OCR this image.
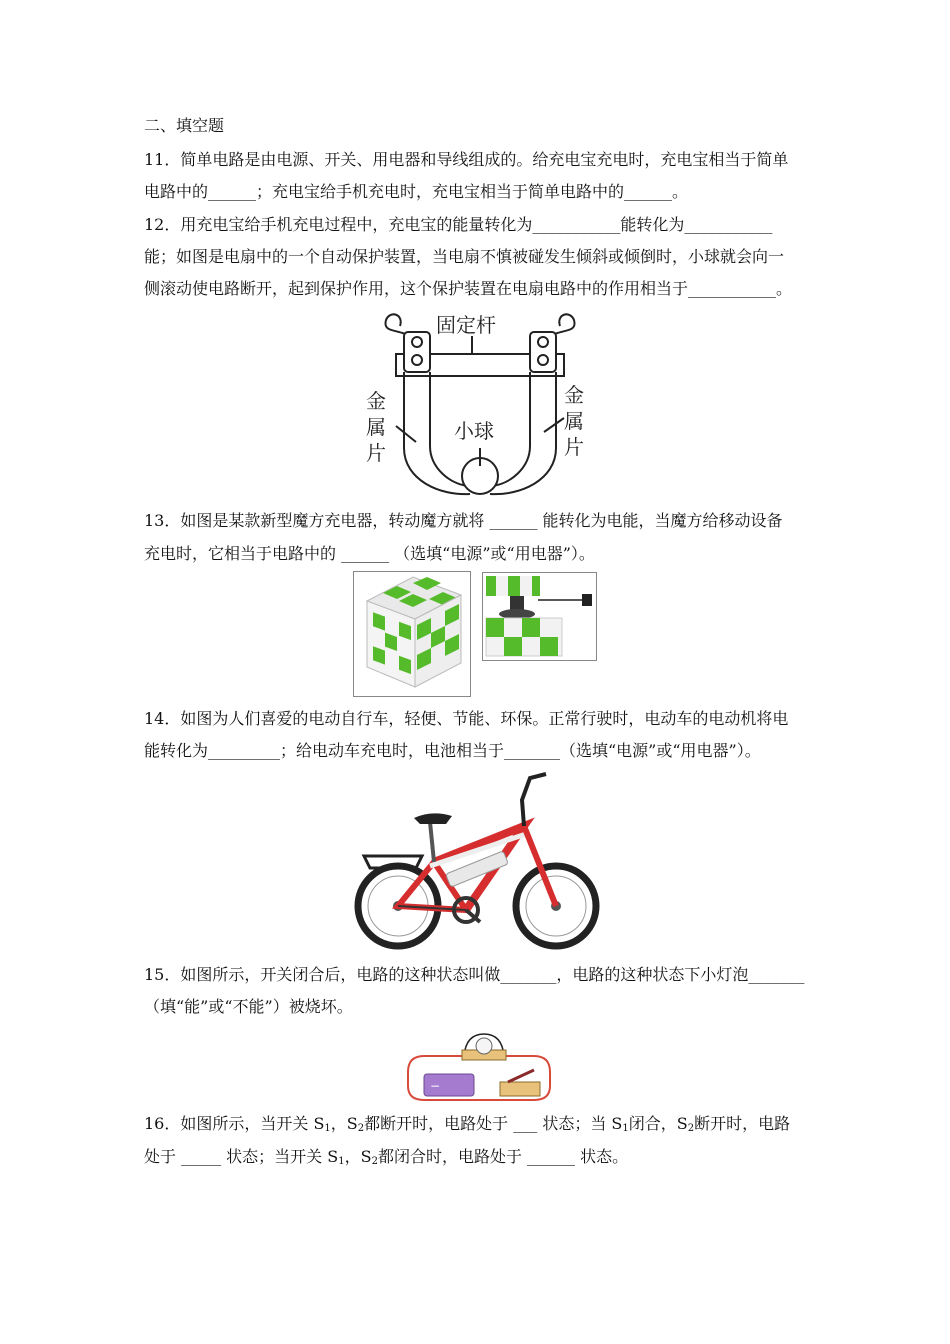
二、填空题
11．简单电路是由电源、开关、用电器和导线组成的。给充电宝充电时，充电宝相当于简单
电路中的______；充电宝给手机充电时，充电宝相当于简单电路中的______。
12．用充电宝给手机充电过程中，充电宝的能量转化为___________能转化为___________
能；如图是电扇中的一个自动保护装置，当电扇不慎被碰发生倾斜或倾倒时，小球就会向一
侧滚动使电路断开，起到保护作用，这个保护装置在电扇电路中的作用相当于___________。
固定杆
小球
金属片
金属片
13．如图是某款新型魔方充电器，转动魔方就将 ______ 能转化为电能，当魔方给移动设备
充电时，它相当于电路中的 ______ （选填“电源”或“用电器”）。
14．如图为人们喜爱的电动自行车，轻便、节能、环保。正常行驶时，电动车的电动机将电
能转化为_________；给电动车充电时，电池相当于_______（选填“电源”或“用电器”）。
15．如图所示，开关闭合后，电路的这种状态叫做_______，电路的这种状态下小灯泡_______
（填“能”或“不能”）被烧坏。
−
16．如图所示，当开关 $S_1$，$S_2$都断开时，电路处于 ___ 状态；当 $S_1$闭合，$S_2$断开时，电路
处于 _____ 状态；当开关 $S_1$，$S_2$都闭合时，电路处于 ______ 状态。
